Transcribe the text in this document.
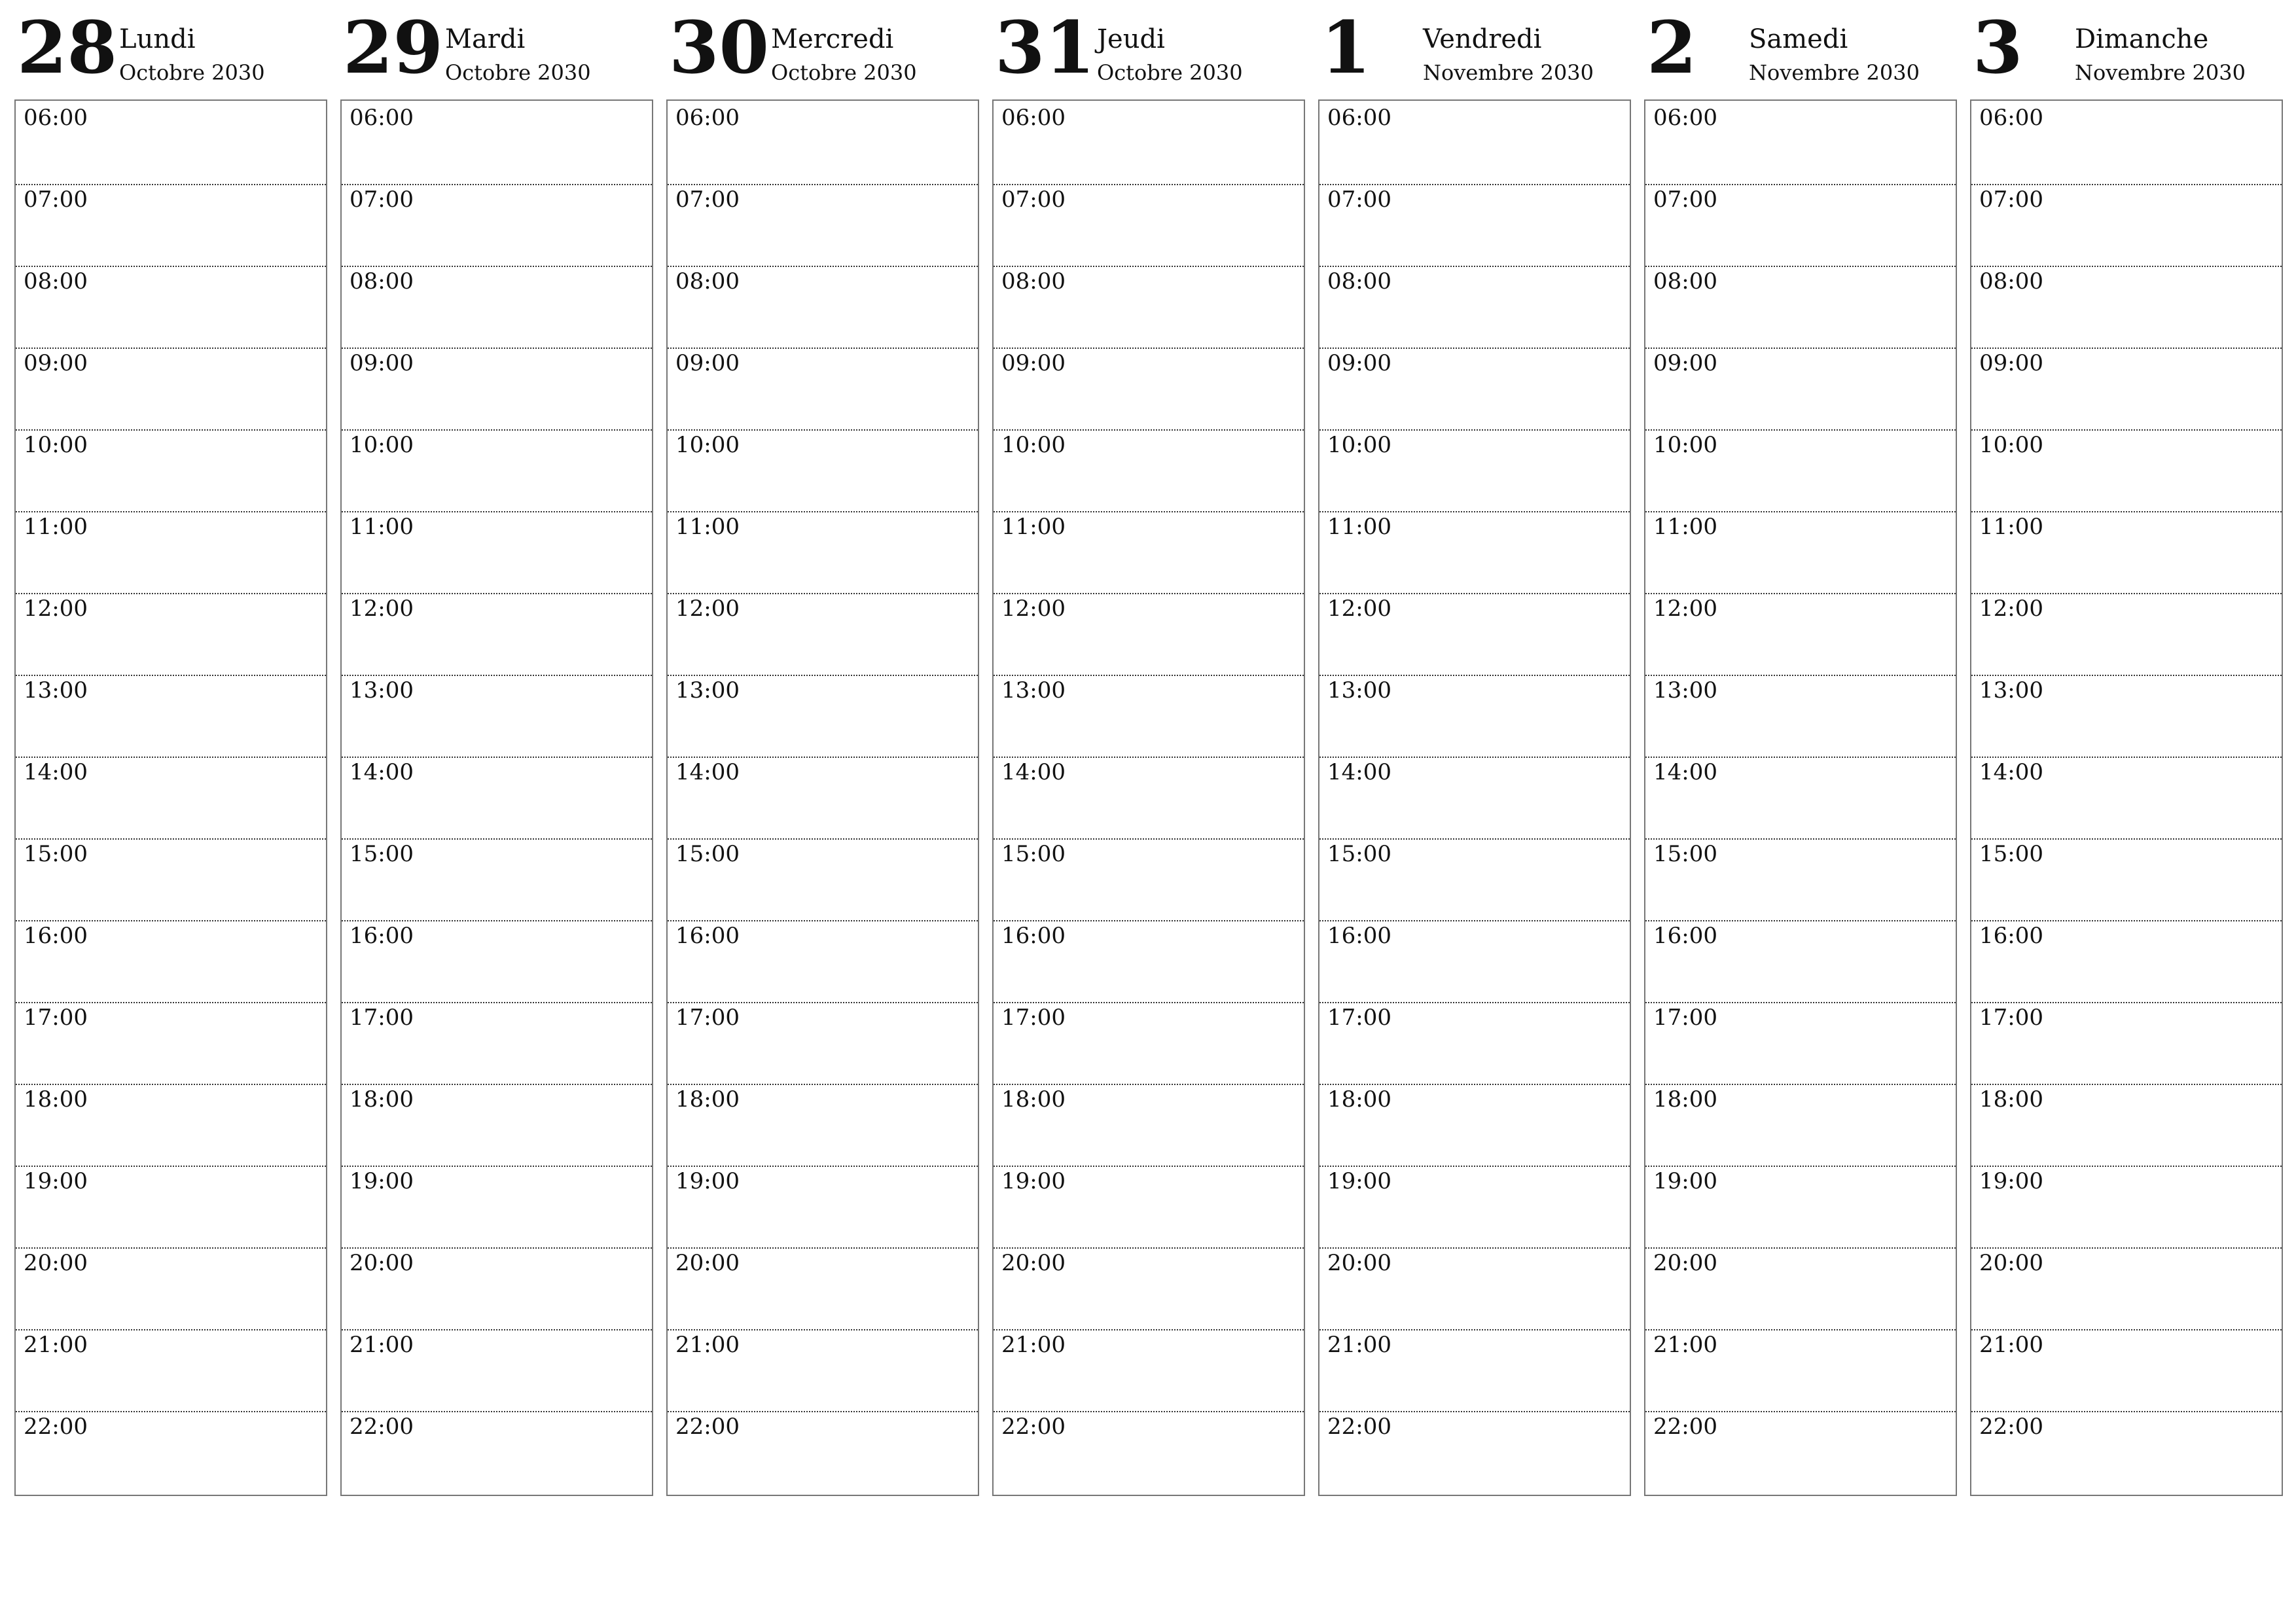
28 Lundi
Octobre 2030
06:00
07:00
08:00
09:00
10:00
11:00
12:00
13:00
14:00
15:00
16:00
17:00
18:00
19:00
20:00
21:00
22:00
29 Mardi
Octobre 2030
06:00
07:00
08:00
09:00
10:00
11:00
12:00
13:00
14:00
15:00
16:00
17:00
18:00
19:00
20:00
21:00
22:00
30 Mercredi
Octobre 2030
06:00
07:00
08:00
09:00
10:00
11:00
12:00
13:00
14:00
15:00
16:00
17:00
18:00
19:00
20:00
21:00
22:00
31 Jeudi
Octobre 2030
06:00
07:00
08:00
09:00
10:00
11:00
12:00
13:00
14:00
15:00
16:00
17:00
18:00
19:00
20:00
21:00
22:00
1 Vendredi
Novembre 2030
06:00
07:00
08:00
09:00
10:00
11:00
12:00
13:00
14:00
15:00
16:00
17:00
18:00
19:00
20:00
21:00
22:00
2 Samedi
Novembre 2030
06:00
07:00
08:00
09:00
10:00
11:00
12:00
13:00
14:00
15:00
16:00
17:00
18:00
19:00
20:00
21:00
22:00
3 Dimanche
Novembre 2030
06:00
07:00
08:00
09:00
10:00
11:00
12:00
13:00
14:00
15:00
16:00
17:00
18:00
19:00
20:00
21:00
22:00
